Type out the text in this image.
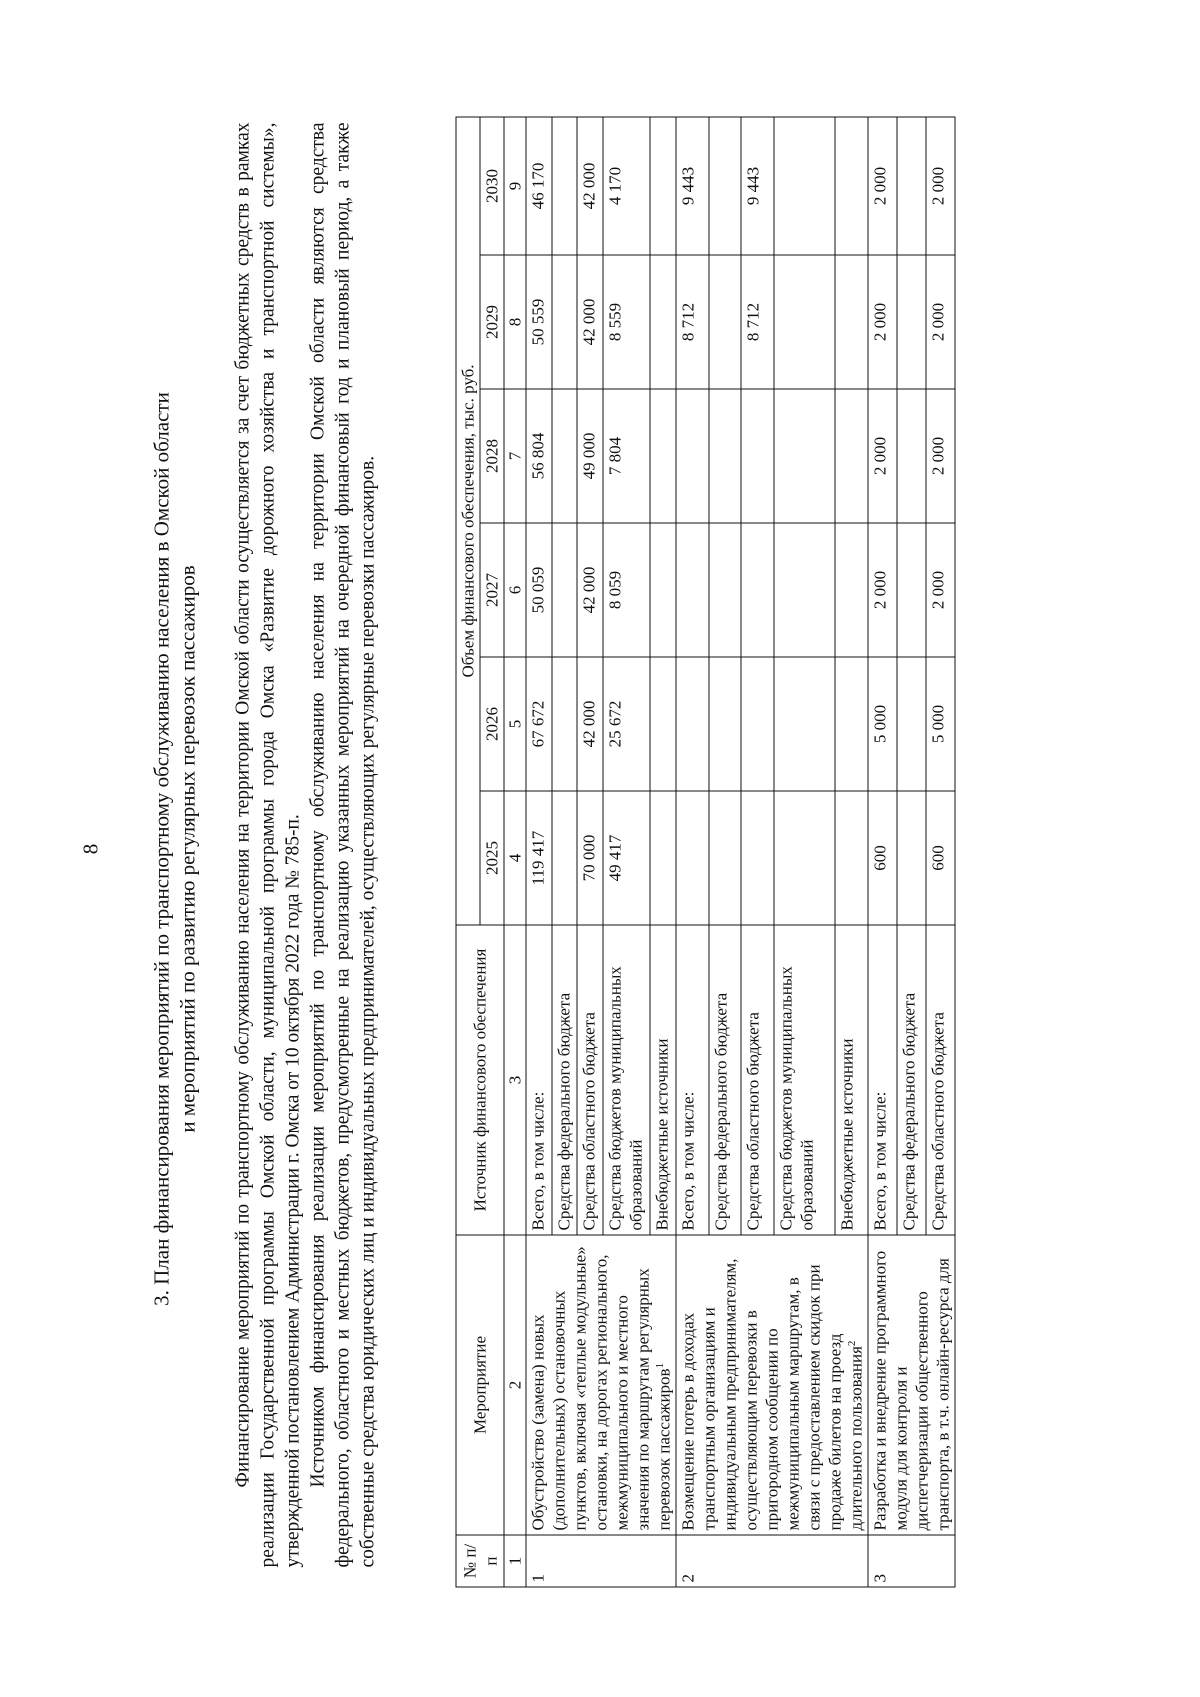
8 3. План финансирования мероприятий по транспортному обслуживанию населения в Омской области и мероприятий по развитию регулярных перевозок пассажиров Финансирование мероприятий по транспортному обслуживанию населения на территории Омской области осуществляется за счет бюджетных средств в рамках реализации Государственной программы Омской области, муниципальной программы города Омска «Развитие дорожного хозяйства и транспортной системы», утвержденной постановлением Администрации г. Омска от 10 октября 2022 года № 785-п. Источником финансирования реализации мероприятий по транспортному обслуживанию населения на территории Омской области являются средства федерального, областного и местных бюджетов, предусмотренные на реализацию указанных мероприятий на очередной финансовый год и плановый период, а также собственные средства юридических лиц и индивидуальных предпринимателей, осуществляющих регулярные перевозки пассажиров.	№ п/п	Мероприятие	Источник финансового обеспечения	Объем финансового обеспечения, тыс. руб.					
			2025	2026	2027	2028	2029	2030
1	2	3	4	5	6	7	8	9
1	Обустройство (замена) новых (дополнительных) остановочных пунктов, включая «теплые модульные» остановки, на дорогах регионального, межмуниципального и местного значения по маршрутам регулярных перевозок пассажиров$^1$	Всего, в том числе:	119 417	67 672	50 059	56 804	50 559	46 170
		Средства федерального бюджета						
		Средства областного бюджета	70 000	42 000	42 000	49 000	42 000	42 000
		Средства бюджетов муниципальных образований	49 417	25 672	8 059	7 804	8 559	4 170
		Внебюджетные источники						
2	Возмещение потерь в доходах транспортным организациям и индивидуальным предпринимателям, осуществляющим перевозки в пригородном сообщении по межмуниципальным маршрутам, в связи с предоставлением скидок при продаже билетов на проезд длительного пользования$^2$	Всего, в том числе:					8 712	9 443
		Средства федерального бюджета						
		Средства областного бюджета					8 712	9 443
		Средства бюджетов муниципальных образований						
		Внебюджетные источники						
3	Разработка и внедрение программного модуля для контроля и диспетчеризации общественного транспорта, в т.ч. онлайн-ресурса для	Всего, в том числе:	600	5 000	2 000	2 000	2 000	2 000
		Средства федерального бюджета						
		Средства областного бюджета	600	5 000	2 000	2 000	2 000	2 000
